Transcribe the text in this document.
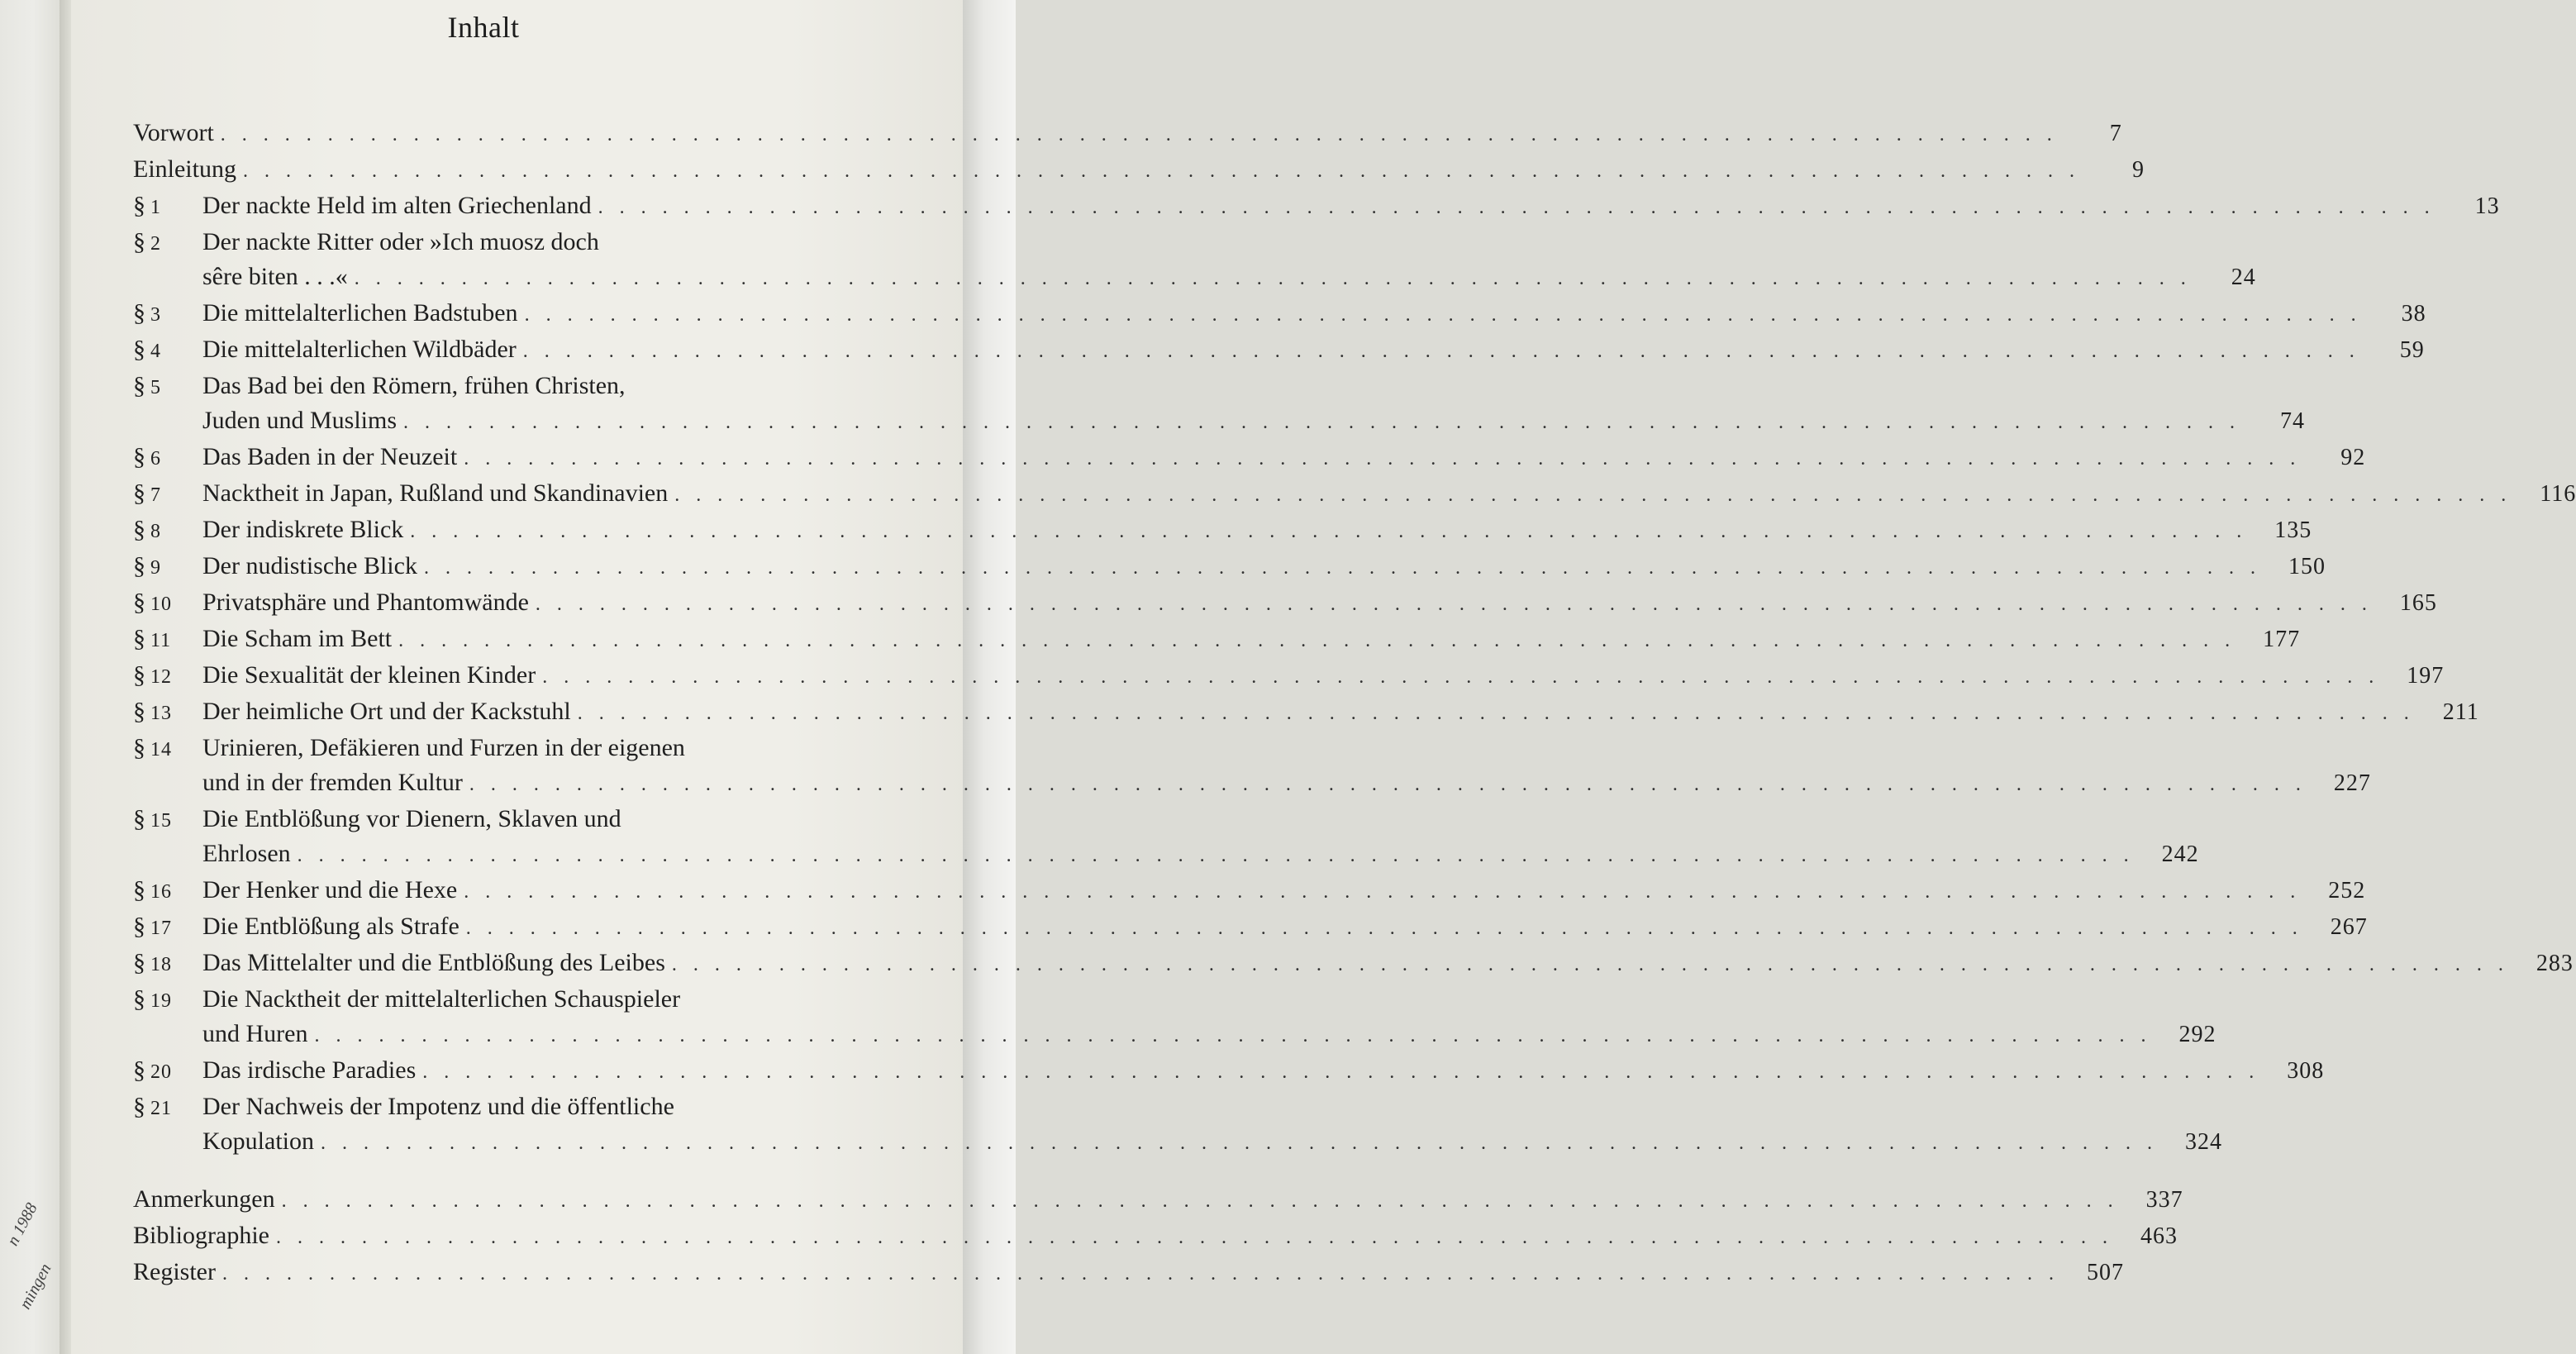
n 1988
mingen
Inhalt
Vorwort . . .	7
Einleitung . . .	9
§ 1	Der nackte Held im alten Griechenland . . .	13
§ 2	Der nackte Ritter oder »Ich muosz doch
sêre biten . . .« . . .	24
§ 3	Die mittelalterlichen Badstuben . . .	38
§ 4	Die mittelalterlichen Wildbäder . . .	59
§ 5	Das Bad bei den Römern, frühen Christen,
Juden und Muslims . . .	74
§ 6	Das Baden in der Neuzeit . . .	92
§ 7	Nacktheit in Japan, Rußland und Skandinavien . . .	116
§ 8	Der indiskrete Blick . . .	135
§ 9	Der nudistische Blick . . .	150
§ 10	Privatsphäre und Phantomwände . . .	165
§ 11	Die Scham im Bett . . .	177
§ 12	Die Sexualität der kleinen Kinder . . .	197
§ 13	Der heimliche Ort und der Kackstuhl . . .	211
§ 14	Urinieren, Defäkieren und Furzen in der eigenen
und in der fremden Kultur . . .	227
§ 15	Die Entblößung vor Dienern, Sklaven und
Ehrlosen . . .	242
§ 16	Der Henker und die Hexe . . .	252
§ 17	Die Entblößung als Strafe . . .	267
§ 18	Das Mittelalter und die Entblößung des Leibes . . .	283
§ 19	Die Nacktheit der mittelalterlichen Schauspieler
und Huren . . .	292
§ 20	Das irdische Paradies . . .	308
§ 21	Der Nachweis der Impotenz und die öffentliche
Kopulation . . .	324
Anmerkungen . . .	337
Bibliographie . . .	463
Register . . .	507
